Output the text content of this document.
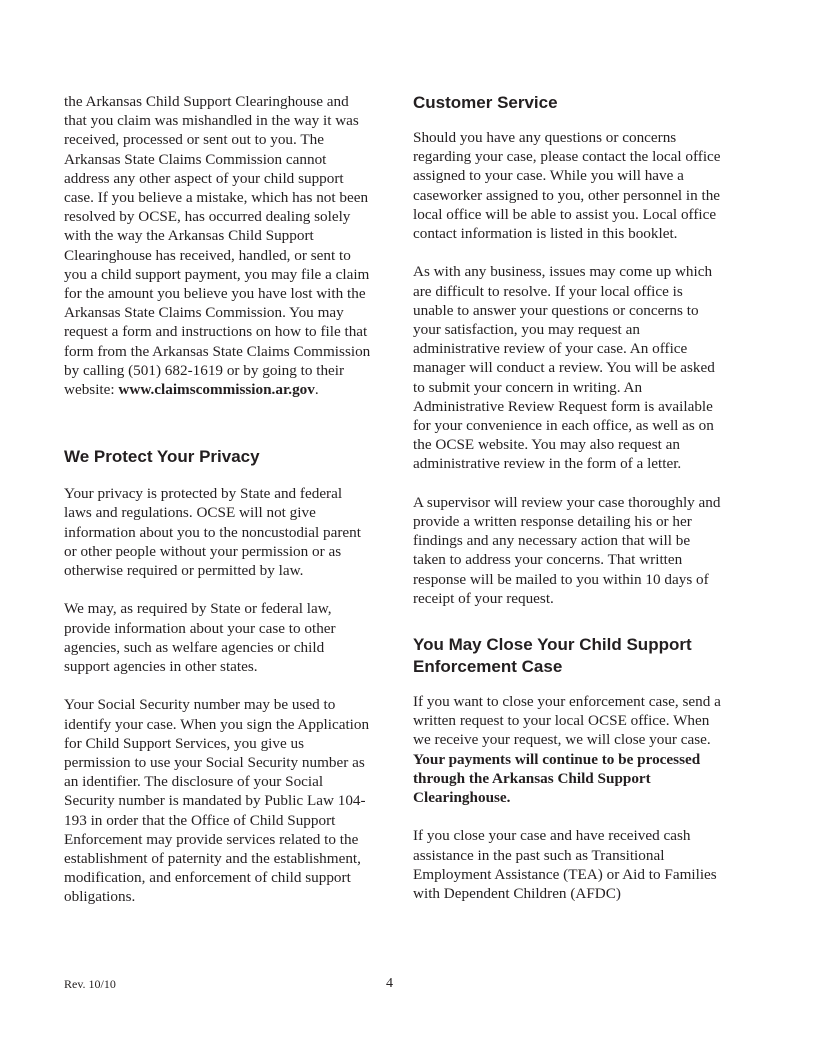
the Arkansas Child Support Clearinghouse and that you claim was mishandled in the way it was received, processed or sent out to you. The Arkansas State Claims Commission cannot address any other aspect of your child support case. If you believe a mistake, which has not been resolved by OCSE, has occurred dealing solely with the way the Arkansas Child Support Clearinghouse has received, handled, or sent to you a child support payment, you may file a claim for the amount you believe you have lost with the Arkansas State Claims Commission. You may request a form and instructions on how to file that form from the Arkansas State Claims Commission by calling (501) 682-1619 or by going to their website: www.claimscommission.ar.gov.

We Protect Your Privacy

Your privacy is protected by State and federal laws and regulations. OCSE will not give information about you to the noncustodial parent or other people without your permission or as otherwise required or permitted by law.

We may, as required by State or federal law, provide information about your case to other agencies, such as welfare agencies or child support agencies in other states.

Your Social Security number may be used to identify your case. When you sign the Application for Child Support Services, you give us permission to use your Social Security number as an identifier. The disclosure of your Social Security number is mandated by Public Law 104-193 in order that the Office of Child Support Enforcement may provide services related to the establishment of paternity and the establishment, modification, and enforcement of child support obligations.

Customer Service

Should you have any questions or concerns regarding your case, please contact the local office assigned to your case. While you will have a caseworker assigned to you, other personnel in the local office will be able to assist you. Local office contact information is listed in this booklet.

As with any business, issues may come up which are difficult to resolve. If your local office is unable to answer your questions or concerns to your satisfaction, you may request an administrative review of your case. An office manager will conduct a review. You will be asked to submit your concern in writing. An Administrative Review Request form is available for your convenience in each office, as well as on the OCSE website. You may also request an administrative review in the form of a letter.

A supervisor will review your case thoroughly and provide a written response detailing his or her findings and any necessary action that will be taken to address your concerns. That written response will be mailed to you within 10 days of receipt of your request.

You May Close Your Child Support Enforcement Case

If you want to close your enforcement case, send a written request to your local OCSE office. When we receive your request, we will close your case. Your payments will continue to be processed through the Arkansas Child Support Clearinghouse.

If you close your case and have received cash assistance in the past such as Transitional Employment Assistance (TEA) or Aid to Families with Dependent Children (AFDC)

Rev. 10/10	4
